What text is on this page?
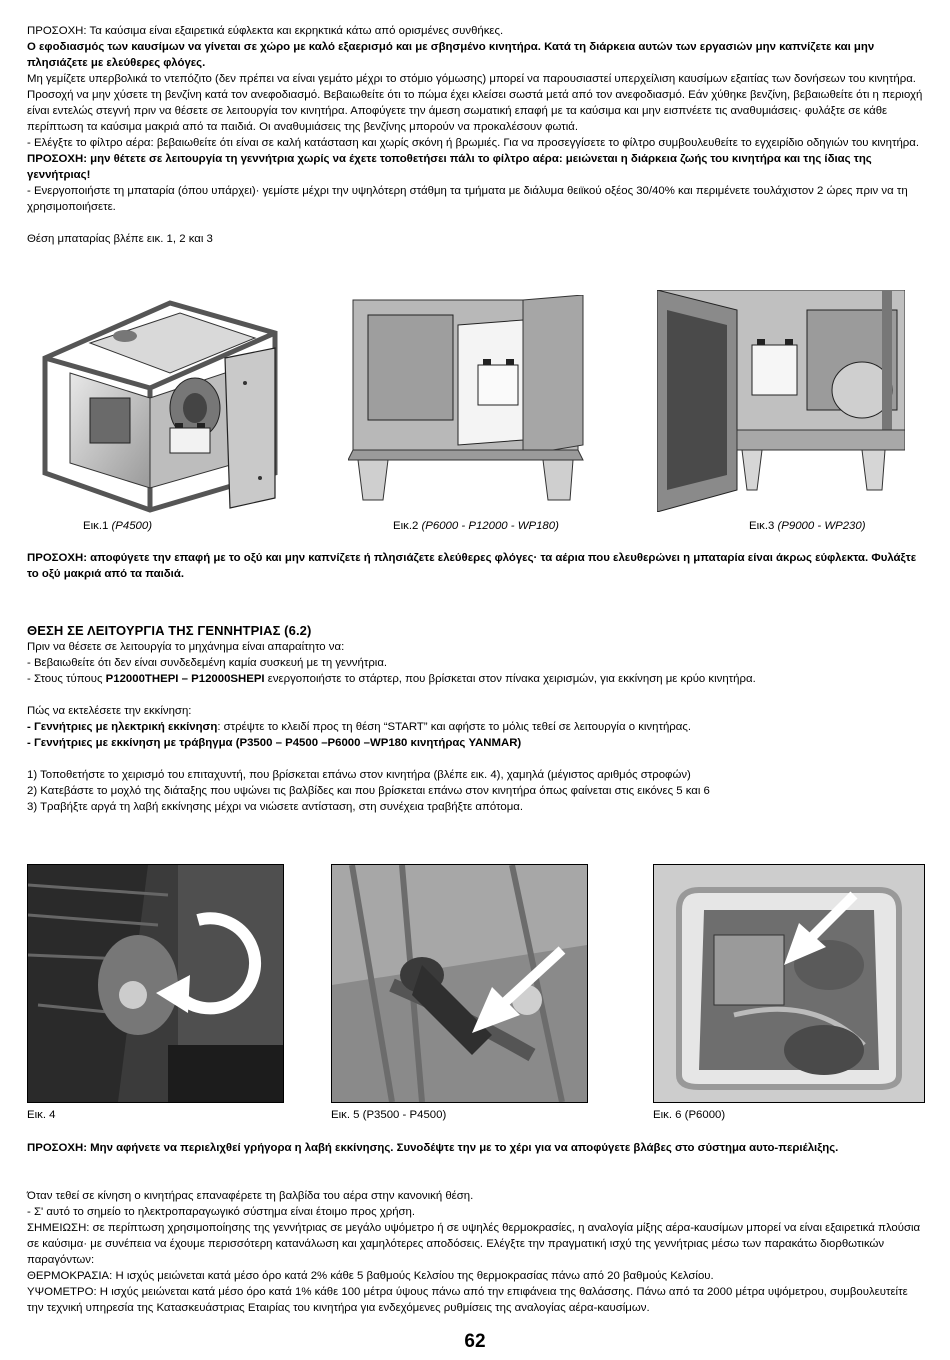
ΠΡΟΣΟΧΗ: Τα καύσιμα είναι εξαιρετικά εύφλεκτα και εκρηκτικά κάτω από ορισμένες συνθήκες.

Ο εφοδιασμός των καυσίμων να γίνεται σε χώρο με καλό εξαερισμό και με σβησμένο κινητήρα. Κατά τη διάρκεια αυτών των εργασιών μην καπνίζετε και μην πλησιάζετε με ελεύθερες φλόγες.

Μη γεμίζετε υπερβολικά το ντεπόζιτο (δεν πρέπει να είναι γεμάτο μέχρι το στόμιο γόμωσης) μπορεί να παρουσιαστεί υπερχείλιση καυσίμων εξαιτίας των δονήσεων του κινητήρα. Προσοχή να μην χύσετε τη βενζίνη κατά τον ανεφοδιασμό. Βεβαιωθείτε ότι το πώμα έχει κλείσει σωστά μετά από τον ανεφοδιασμό. Εάν χύθηκε βενζίνη, βεβαιωθείτε ότι η περιοχή είναι εντελώς στεγνή πριν να θέσετε σε λειτουργία τον κινητήρα. Αποφύγετε την άμεση σωματική επαφή με τα καύσιμα και μην εισπνέετε τις αναθυμιάσεις· φυλάξτε σε κάθε περίπτωση τα καύσιμα μακριά από τα παιδιά. Οι αναθυμιάσεις της βενζίνης μπορούν να προκαλέσουν φωτιά.

- Ελέγξτε το φίλτρο αέρα: βεβαιωθείτε ότι είναι σε καλή κατάσταση και χωρίς σκόνη ή βρωμιές. Για να προσεγγίσετε το φίλτρο συμβουλευθείτε το εγχειρίδιο οδηγιών του κινητήρα.

ΠΡΟΣΟΧΗ: μην θέτετε σε λειτουργία τη γεννήτρια χωρίς να έχετε τοποθετήσει πάλι το φίλτρο αέρα: μειώνεται η διάρκεια ζωής του κινητήρα και της ίδιας της γεννήτριας!

- Ενεργοποιήστε τη μπαταρία (όπου υπάρχει)· γεμίστε μέχρι την υψηλότερη στάθμη τα τμήματα με διάλυμα θειϊκού οξέος 30/40% και περιμένετε τουλάχιστον 2 ώρες πριν να τη χρησιμοποιήσετε.

Θέση μπαταρίας βλέπε εικ. 1, 2 και 3

Εικ.1 (P4500)	Εικ.2 (P6000 - P12000 - WP180)	Εικ.3 (P9000 - WP230)
ΠΡΟΣΟΧΗ: αποφύγετε την επαφή με το οξύ και μην καπνίζετε ή πλησιάζετε ελεύθερες φλόγες· τα αέρια που ελευθερώνει η μπαταρία είναι άκρως εύφλεκτα. Φυλάξτε το οξύ μακριά από τα παιδιά.

ΘΕΣΗ ΣΕ ΛΕΙΤΟΥΡΓΙΑ ΤΗΣ ΓΕΝΝΗΤΡΙΑΣ (6.2)

Πριν να θέσετε σε λειτουργία το μηχάνημα είναι απαραίτητο να:

- Βεβαιωθείτε ότι δεν είναι συνδεδεμένη καμία συσκευή με τη γεννήτρια.

- Στους τύπους P12000THEPI – P12000SHEPI ενεργοποιήστε το στάρτερ, που βρίσκεται στον πίνακα χειρισμών, για εκκίνηση με κρύο κινητήρα.

Πώς να εκτελέσετε την εκκίνηση:

- Γεννήτριες με ηλεκτρική εκκίνηση: στρέψτε το κλειδί προς τη θέση “START” και αφήστε το μόλις τεθεί σε λειτουργία ο κινητήρας.

- Γεννήτριες με εκκίνηση με τράβηγμα (P3500 – P4500 –P6000 –WP180 κινητήρας YANMAR)

1) Τοποθετήστε το χειρισμό του επιταχυντή, που βρίσκεται επάνω στον κινητήρα (βλέπε εικ. 4), χαμηλά (μέγιστος αριθμός στροφών)

2) Κατεβάστε το μοχλό της διάταξης που υψώνει τις βαλβίδες και που βρίσκεται επάνω στον κινητήρα όπως φαίνεται στις εικόνες 5 και 6

3) Τραβήξτε αργά τη λαβή εκκίνησης μέχρι να νιώσετε αντίσταση, στη συνέχεια τραβήξτε απότομα.

Εικ. 4	Εικ. 5 (P3500 - P4500)	Εικ. 6 (P6000)
ΠΡΟΣΟΧΗ: Μην αφήνετε να περιελιχθεί γρήγορα η λαβή εκκίνησης. Συνοδέψτε την με το χέρι για να αποφύγετε βλάβες στο σύστημα αυτο-περιέλιξης.

Όταν τεθεί σε κίνηση ο κινητήρας επαναφέρετε τη βαλβίδα του αέρα στην κανονική θέση.

- Σ' αυτό το σημείο το ηλεκτροπαραγωγικό σύστημα είναι έτοιμο προς χρήση.

ΣΗΜΕΙΩΣΗ: σε περίπτωση χρησιμοποίησης της γεννήτριας σε μεγάλο υψόμετρο ή σε υψηλές θερμοκρασίες, η αναλογία μίξης αέρα-καυσίμων μπορεί να είναι εξαιρετικά πλούσια σε καύσιμα· με συνέπεια να έχουμε περισσότερη κατανάλωση και χαμηλότερες αποδόσεις. Ελέγξτε την πραγματική ισχύ της γεννήτριας μέσω των παρακάτω διορθωτικών παραγόντων:

ΘΕΡΜΟΚΡΑΣΙΑ: Η ισχύς μειώνεται κατά μέσο όρο κατά 2% κάθε 5 βαθμούς Κελσίου της θερμοκρασίας πάνω από 20 βαθμούς Κελσίου.

ΥΨΟΜΕΤΡΟ: Η ισχύς μειώνεται κατά μέσο όρο κατά 1% κάθε 100 μέτρα ύψους πάνω από την επιφάνεια της θαλάσσης. Πάνω από τα 2000 μέτρα υψόμετρου, συμβουλευτείτε την τεχνική υπηρεσία της Κατασκευάστριας Εταιρίας του κινητήρα για ενδεχόμενες ρυθμίσεις της αναλογίας αέρα-καυσίμων.

62
